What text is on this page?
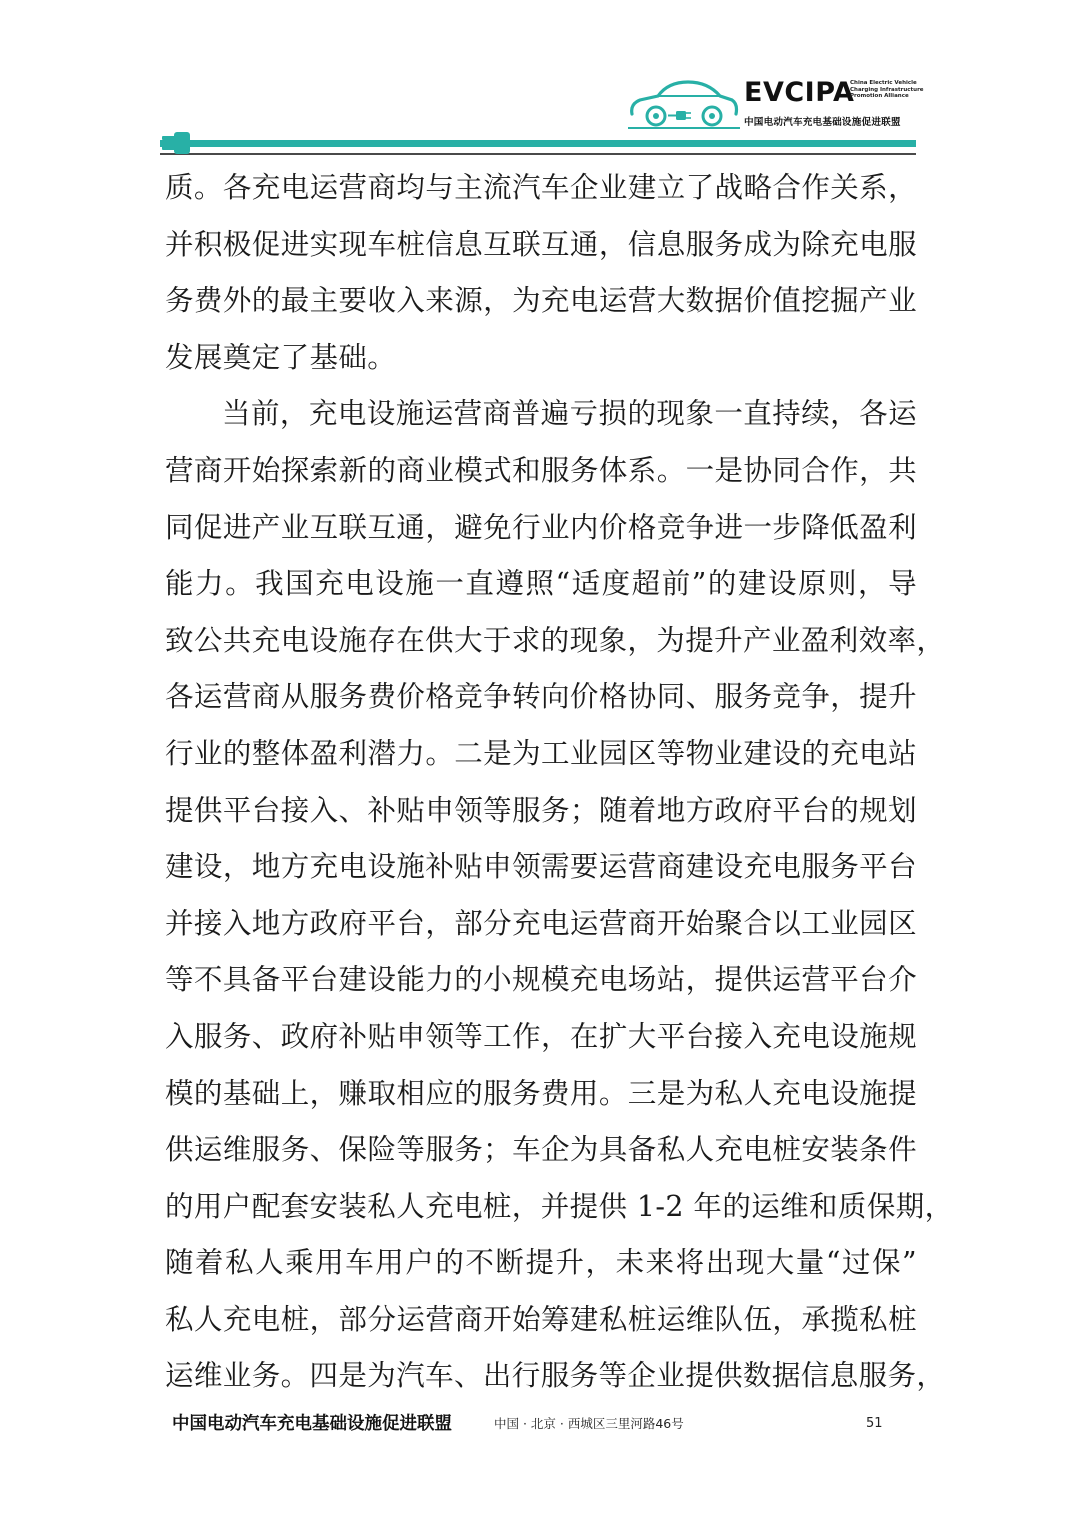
EVCIPA
China Electric Vehicle
Charging Infrastructure
Promotion Alliance
中国电动汽车充电基础设施促进联盟
质。各充电运营商均与主流汽车企业建立了战略合作关系，
并积极促进实现车桩信息互联互通，信息服务成为除充电服
务费外的最主要收入来源，为充电运营大数据价值挖掘产业
发展奠定了基础。
当前，充电设施运营商普遍亏损的现象一直持续，各运
营商开始探索新的商业模式和服务体系。一是协同合作，共
同促进产业互联互通，避免行业内价格竞争进一步降低盈利
能力。我国充电设施一直遵照“适度超前”的建设原则，导
致公共充电设施存在供大于求的现象，为提升产业盈利效率，
各运营商从服务费价格竞争转向价格协同、服务竞争，提升
行业的整体盈利潜力。二是为工业园区等物业建设的充电站
提供平台接入、补贴申领等服务；随着地方政府平台的规划
建设，地方充电设施补贴申领需要运营商建设充电服务平台
并接入地方政府平台，部分充电运营商开始聚合以工业园区
等不具备平台建设能力的小规模充电场站，提供运营平台介
入服务、政府补贴申领等工作，在扩大平台接入充电设施规
模的基础上，赚取相应的服务费用。三是为私人充电设施提
供运维服务、保险等服务；车企为具备私人充电桩安装条件
的用户配套安装私人充电桩，并提供 1-2 年的运维和质保期，
随着私人乘用车用户的不断提升，未来将出现大量“过保”
私人充电桩，部分运营商开始筹建私桩运维队伍，承揽私桩
运维业务。四是为汽车、出行服务等企业提供数据信息服务，
中国电动汽车充电基础设施促进联盟	中国 · 北京 · 西城区三里河路46号	51
